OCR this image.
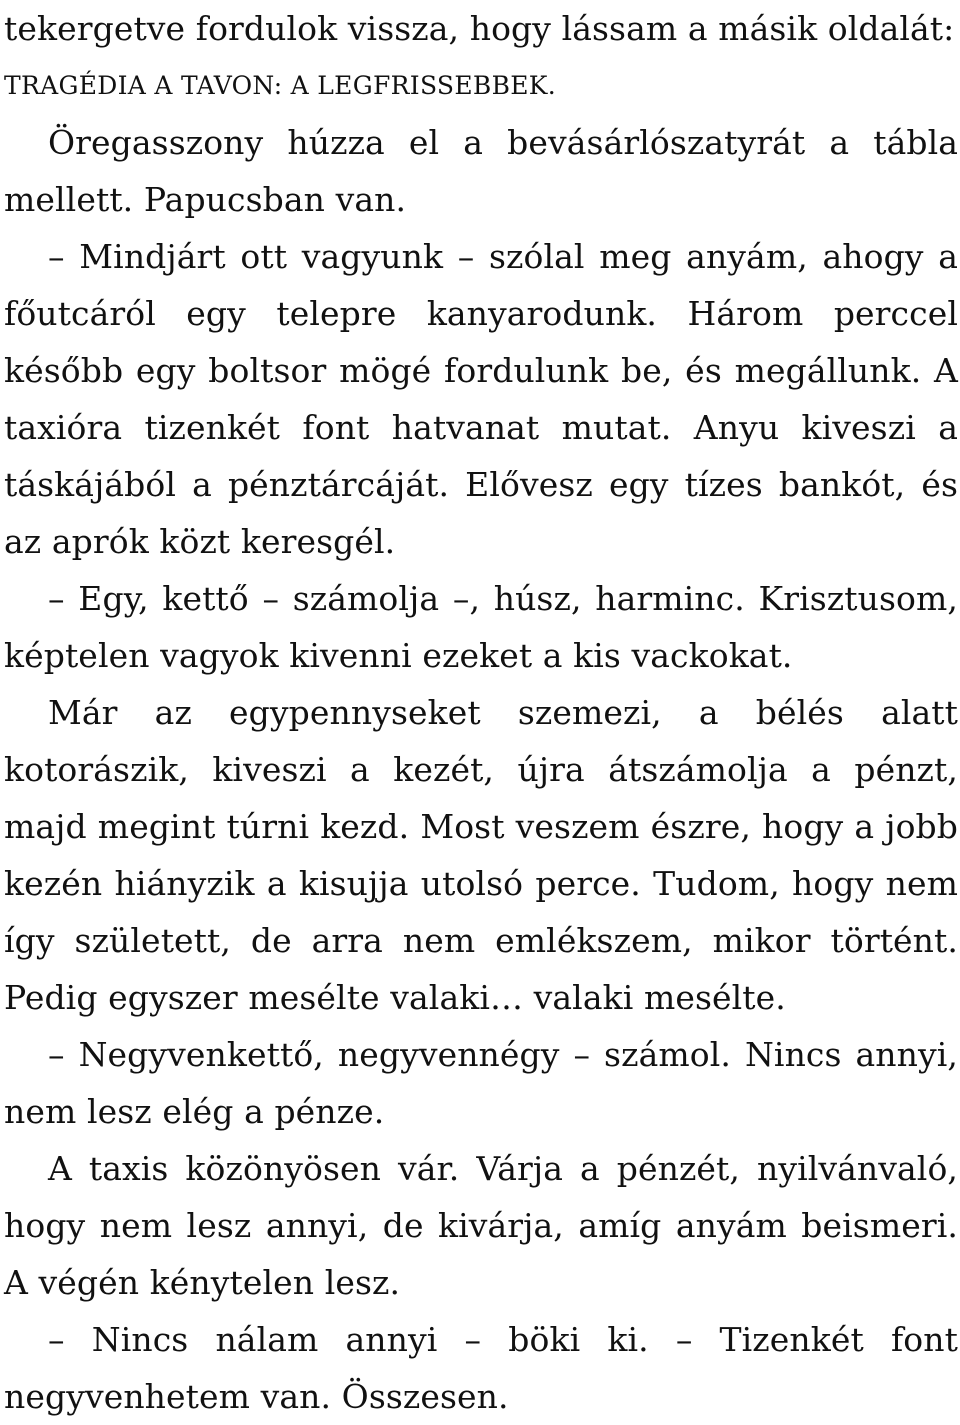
tekergetve fordulok vissza, hogy lássam a másik oldalát:

TRAGÉDIA A TAVON: A LEGFRISSEBBEK.

Öregasszony húzza el a bevásárlószatyrát a tábla mellett. Papucsban van.

– Mindjárt ott vagyunk – szólal meg anyám, ahogy a főutcáról egy telepre kanyarodunk. Három perccel később egy boltsor mögé fordulunk be, és megállunk. A taxióra tizenkét font hatvanat mutat. Anyu kiveszi a táskájából a pénztárcáját. Elővesz egy tízes bankót, és az aprók közt keresgél.

– Egy, kettő – számolja –, húsz, harminc. Krisztusom, képtelen vagyok kivenni ezeket a kis vackokat.

Már az egypennyseket szemezi, a bélés alatt kotorászik, kiveszi a kezét, újra átszámolja a pénzt, majd megint túrni kezd. Most veszem észre, hogy a jobb kezén hiányzik a kisujja utolsó perce. Tudom, hogy nem így született, de arra nem emlékszem, mikor történt. Pedig egyszer mesélte valaki… valaki mesélte.

– Negyvenkettő, negyvennégy – számol. Nincs annyi, nem lesz elég a pénze.

A taxis közönyösen vár. Várja a pénzét, nyilvánvaló, hogy nem lesz annyi, de kivárja, amíg anyám beismeri. A végén kénytelen lesz.

– Nincs nálam annyi – böki ki. – Tizenkét font negyvenhetem van. Összesen.
